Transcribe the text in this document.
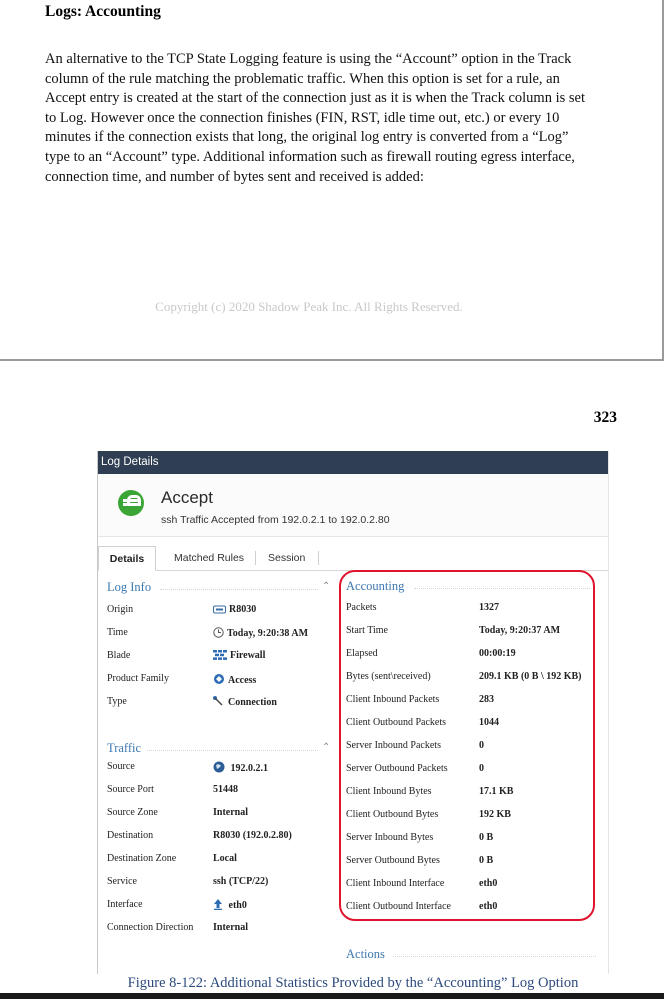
Logs: Accounting
An alternative to the TCP State Logging feature is using the “Account” option in the Track column of the rule matching the problematic traffic. When this option is set for a rule, an Accept entry is created at the start of the connection just as it is when the Track column is set to Log. However once the connection finishes (FIN, RST, idle time out, etc.) or every 10 minutes if the connection exists that long, the original log entry is converted from a “Log” type to an “Account” type. Additional information such as firewall routing egress interface, connection time, and number of bytes sent and received is added:
Copyright (c) 2020 Shadow Peak Inc. All Rights Reserved.
323
Log Details
Accept
ssh Traffic Accepted from 192.0.2.1 to 192.0.2.80
Details	Matched Rules Session
Log Info	⌃
Origin	R8030
Time	Today, 9:20:38 AM
Blade	Firewall
Product Family	Access
Type	Connection
Traffic	⌃
Source	192.0.2.1
Source Port	51448
Source Zone	Internal
Destination	R8030 (192.0.2.80)
Destination Zone	Local
Service	ssh (TCP/22)
Interface	eth0
Connection Direction Internal
Accounting
Packets	1327
Start Time	Today, 9:20:37 AM
Elapsed	00:00:19
Bytes (sent\received)	209.1 KB (0 B \ 192 KB)
Client Inbound Packets	283
Client Outbound Packets	1044
Server Inbound Packets	0
Server Outbound Packets	0
Client Inbound Bytes	17.1 KB
Client Outbound Bytes	192 KB
Server Inbound Bytes	0 B
Server Outbound Bytes	0 B
Client Inbound Interface	eth0
Client Outbound Interface	eth0
Actions
Figure 8-122: Additional Statistics Provided by the “Accounting” Log Option
